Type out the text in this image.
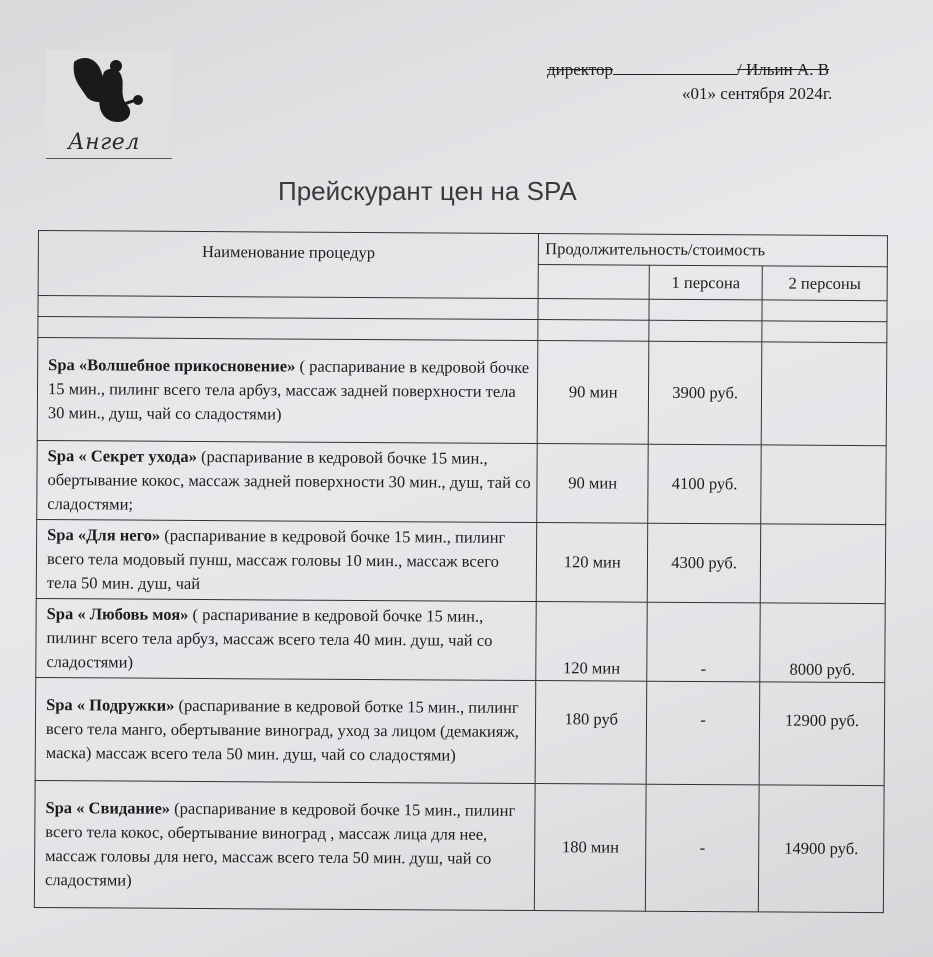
Ангел
директор	/ Ильин А. В
«01» сентября 2024г.
Прейскурант цен на SPA
Наименование процедур	Продолжительность/стоимость		
		1 персона	2 персоны

Spa «Волшебное прикосновение» ( распаривание в кедровой бочке 15 мин., пилинг всего тела арбуз, массаж задней поверхности тела 30 мин., душ, чай со сладостями)	90 мин	3900 руб.	
Spa « Секрет ухода» (распаривание в кедровой бочке 15 мин., обертывание кокос, массаж задней поверхности 30 мин., душ, тай со сладостями;	90 мин	4100 руб.	
Spa «Для него» (распаривание в кедровой бочке 15 мин., пилинг всего тела модовый пунш, массаж головы 10 мин., массаж всего тела 50 мин. душ, чай	120 мин	4300 руб.	
Spa « Любовь моя» ( распаривание в кедровой бочке 15 мин., пилинг всего тела арбуз, массаж всего тела 40 мин. душ, чай со сладостями)	120 мин	-	8000 руб.
Spa « Подружки» (распаривание в кедровой ботке 15 мин., пилинг всего тела манго, обертывание виноград, уход за лицом (демакияж, маска) массаж всего тела 50 мин. душ, чай со сладостями)	180 руб	-	12900 руб.
Spa « Свидание» (распаривание в кедровой бочке 15 мин., пилинг всего тела кокос, обертывание виноград , массаж лица для нее, массаж головы для него, массаж всего тела 50 мин. душ, чай со сладостями)	180 мин	-	14900 руб.
